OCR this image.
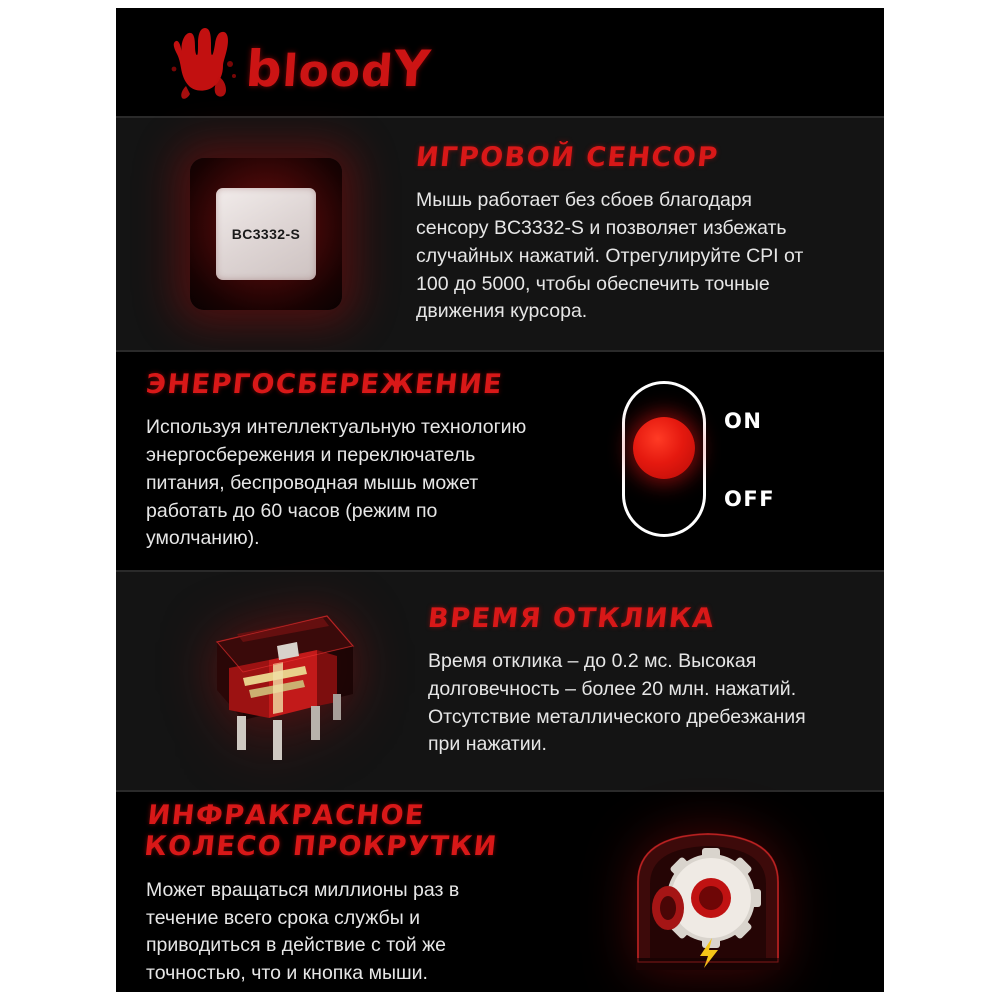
bloodY
BC3332-S
ИГРОВОЙ СЕНСОР

Мышь работает без сбоев благодаря сенсору BC3332-S и позволяет избежать случайных нажатий. Отрегулируйте CPI от 100 до 5000, чтобы обеспечить точные движения курсора.

ЭНЕРГОСБЕРЕЖЕНИЕ

Используя интеллектуальную технологию энергосбережения и переключатель питания, беспроводная мышь может работать до 60 часов (режим по умолчанию).

ON
OFF
ВРЕМЯ ОТКЛИКА

Время отклика – до 0.2 мс. Высокая долговечность – более 20 млн. нажатий. Отсутствие металлического дребезжания при нажатии.

ИНФРАКРАСНОЕ
КОЛЕСО ПРОКРУТКИ

Может вращаться миллионы раз в течение всего срока службы и приводиться в действие с той же точностью, что и кнопка мыши.
